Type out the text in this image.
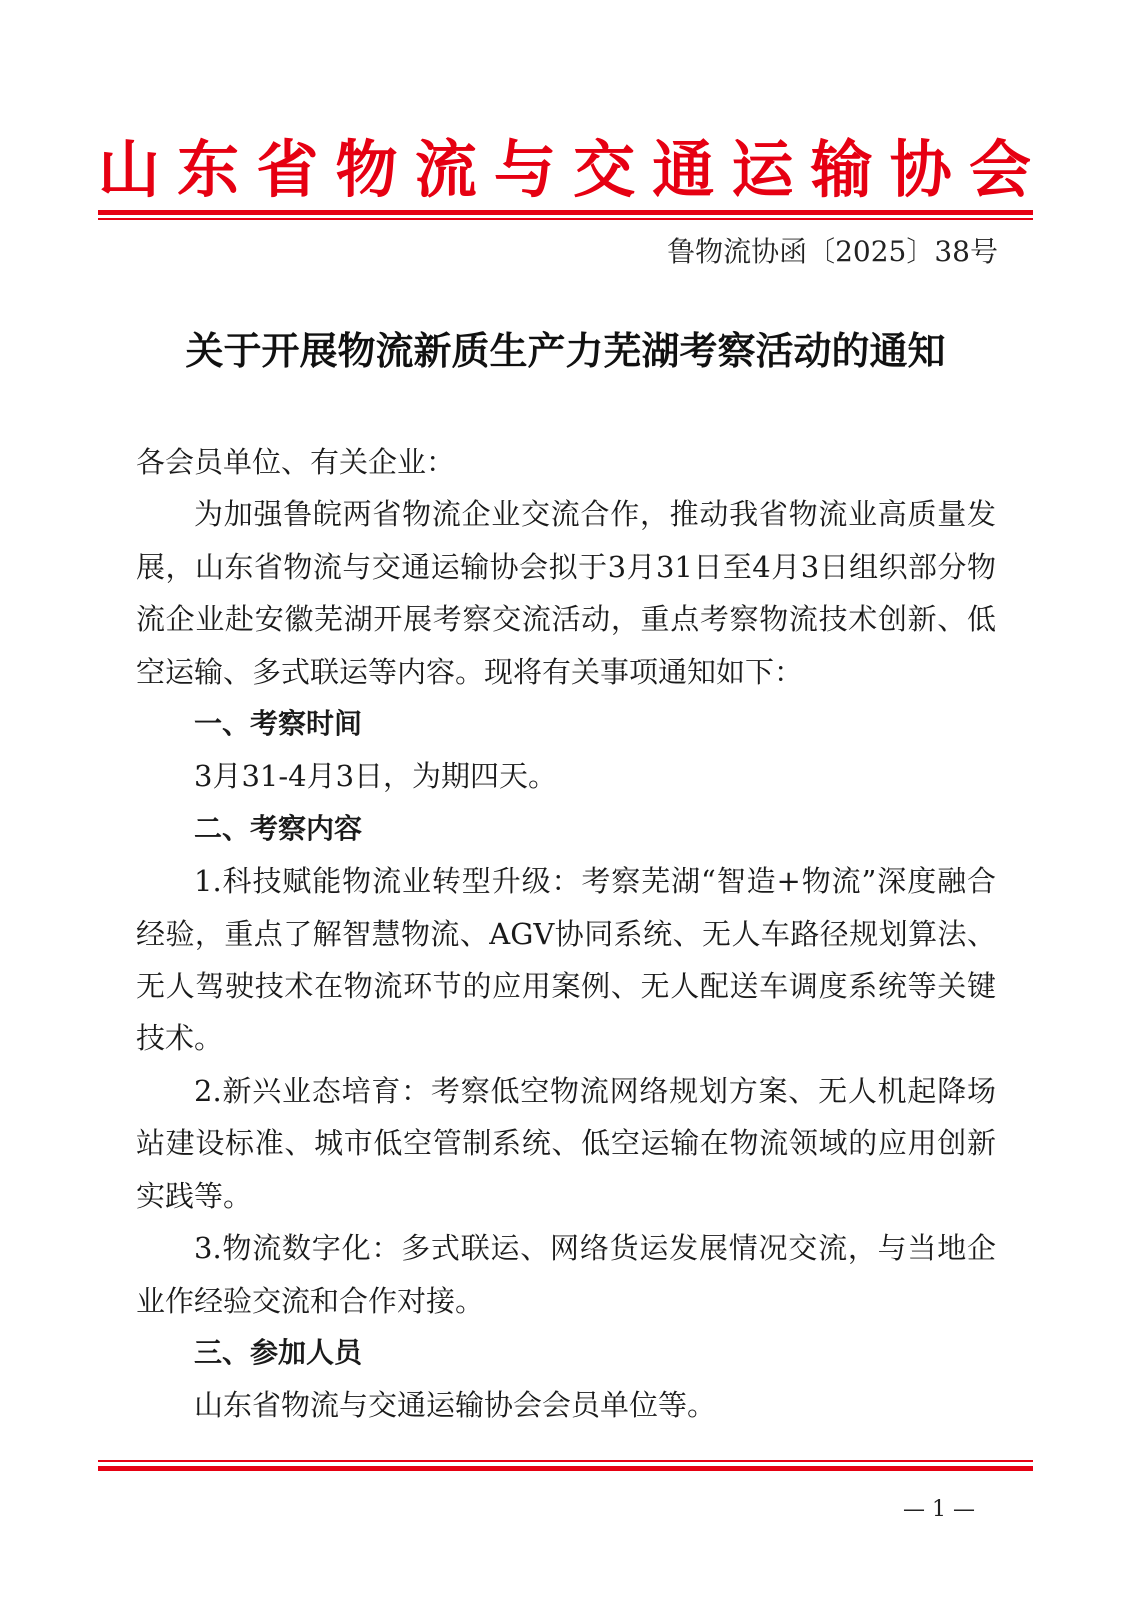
山东省物流与交通运输协会
鲁物流协函〔2025〕38号
关于开展物流新质生产力芜湖考察活动的通知

各会员单位、有关企业：

为加强鲁皖两省物流企业交流合作，推动我省物流业高质量发展，山东省物流与交通运输协会拟于3月31日至4月3日组织部分物流企业赴安徽芜湖开展考察交流活动，重点考察物流技术创新、低空运输、多式联运等内容。现将有关事项通知如下：

一、考察时间

3月31-4月3日，为期四天。

二、考察内容

1.科技赋能物流业转型升级：考察芜湖“智造+物流”深度融合经验，重点了解智慧物流、AGV协同系统、无人车路径规划算法、无人驾驶技术在物流环节的应用案例、无人配送车调度系统等关键技术。

2.新兴业态培育：考察低空物流网络规划方案、无人机起降场站建设标准、城市低空管制系统、低空运输在物流领域的应用创新实践等。

3.物流数字化：多式联运、网络货运发展情况交流，与当地企业作经验交流和合作对接。

三、参加人员

山东省物流与交通运输协会会员单位等。

— 1 —
